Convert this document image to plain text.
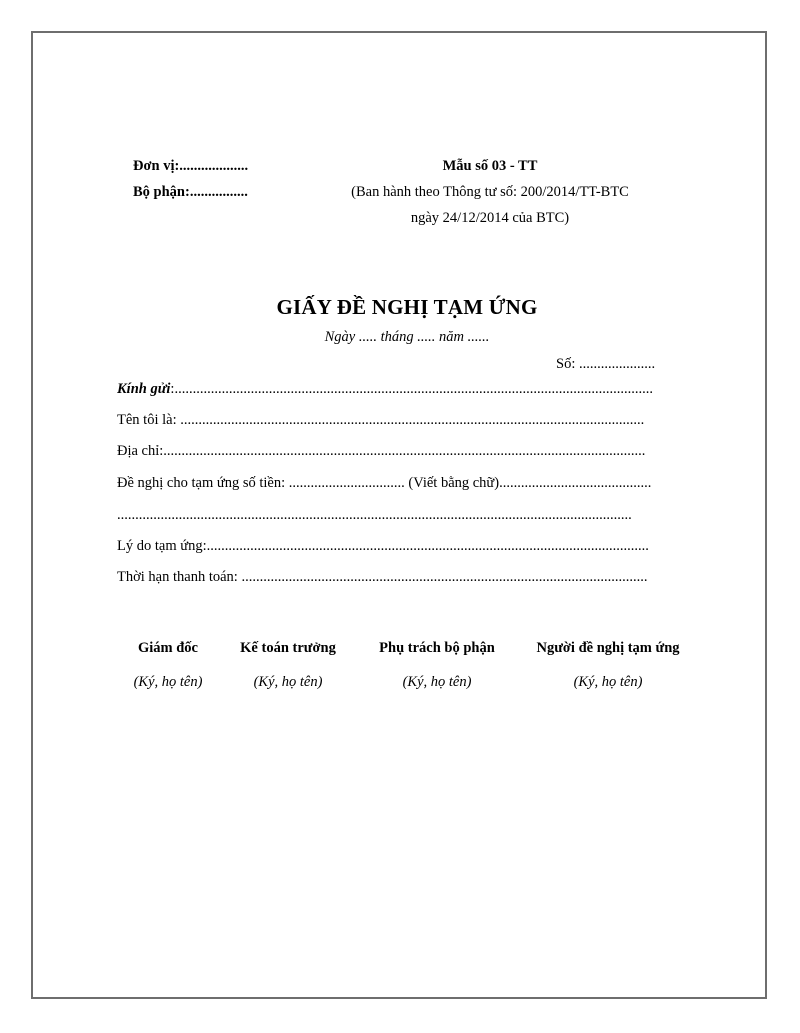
Đơn vị:...................
Bộ phận:................
Mẫu số 03 - TT
(Ban hành theo Thông tư số: 200/2014/TT-BTC
ngày 24/12/2014 của BTC)
GIẤY ĐỀ NGHỊ TẠM ỨNG
Ngày ..... tháng ..... năm ......
Số: .....................
Kính gửi:....................................................................................................................................
Tên tôi là: ................................................................................................................................
Địa chỉ:.....................................................................................................................................
Đề nghị cho tạm ứng số tiền: ................................ (Viết bằng chữ)..........................................
..............................................................................................................................................
Lý do tạm ứng:..........................................................................................................................
Thời hạn thanh toán: ................................................................................................................
Giám đốc
(Ký, họ tên)
Kế toán trưởng
(Ký, họ tên)
Phụ trách bộ phận
(Ký, họ tên)
Người đề nghị tạm ứng
(Ký, họ tên)
